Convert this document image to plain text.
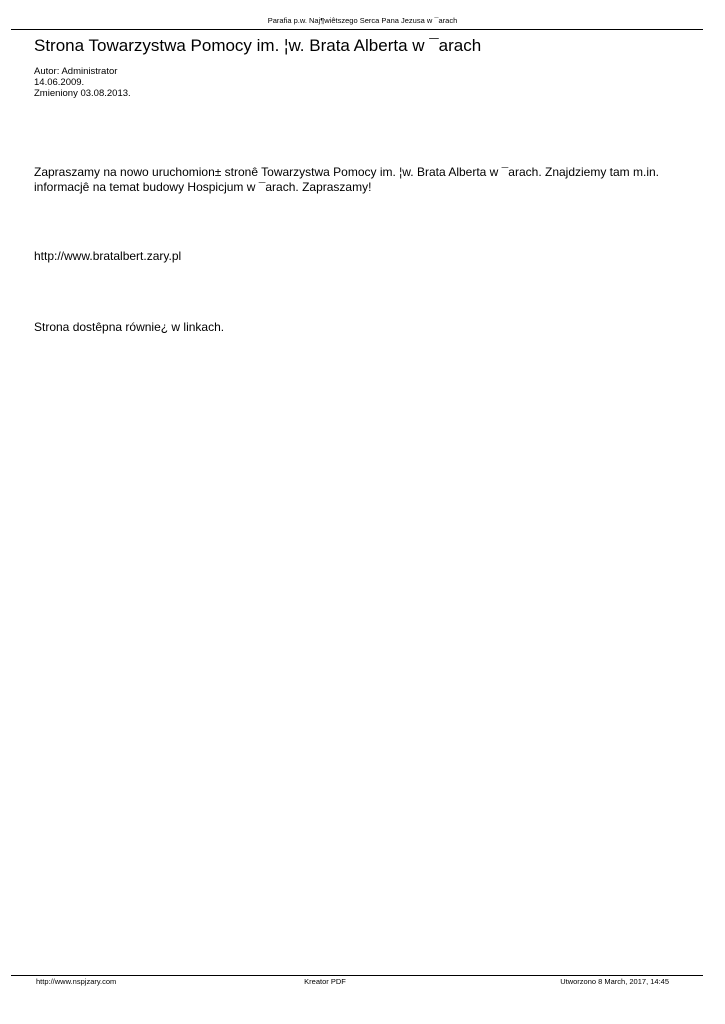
Parafia p.w. Naj¶wiêtszego Serca Pana Jezusa w ¯arach
Strona Towarzystwa Pomocy im. ¦w. Brata Alberta w ¯arach
Autor: Administrator
14.06.2009.
Zmieniony 03.08.2013.

Zapraszamy na nowo uruchomion± stronê Towarzystwa Pomocy im. ¦w. Brata Alberta w ¯arach. Znajdziemy tam m.in. informacjê na temat budowy Hospicjum w ¯arach. Zapraszamy!

http://www.bratalbert.zary.pl

Strona dostêpna równie¿ w linkach.

http://www.nspjzary.com	Kreator PDF	Utworzono 8 March, 2017, 14:45
